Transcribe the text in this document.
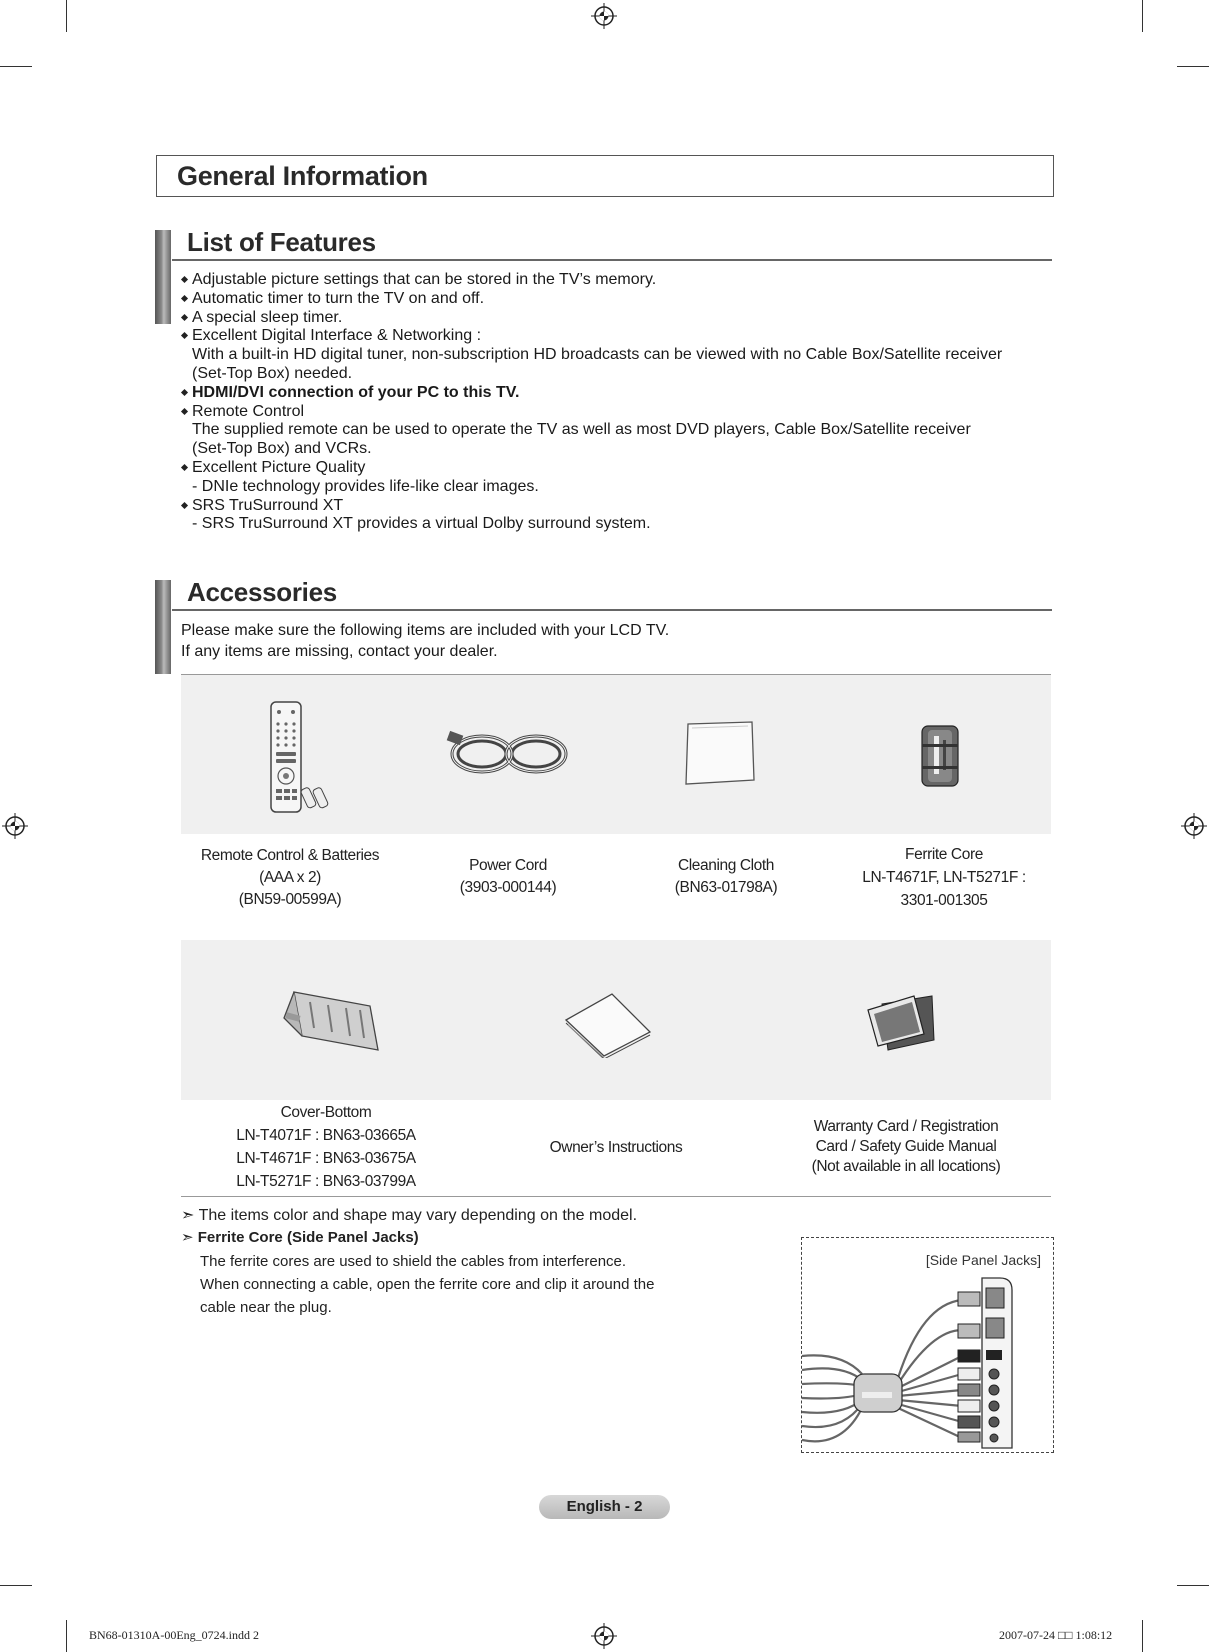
General Information
List of Features
Adjustable picture settings that can be stored in the TV’s memory.
Automatic timer to turn the TV on and off.
A special sleep timer.
Excellent Digital Interface & Networking :
With a built-in HD digital tuner, non-subscription HD broadcasts can be viewed with no Cable Box/Satellite receiver
(Set-Top Box) needed.
HDMI/DVI connection of your PC to this TV.
Remote Control
The supplied remote can be used to operate the TV as well as most DVD players, Cable Box/Satellite receiver
(Set-Top Box) and VCRs.
Excellent Picture Quality
- DNIe technology provides life-like clear images.
SRS TruSurround XT
- SRS TruSurround XT provides a virtual Dolby surround system.
Accessories
Please make sure the following items are included with your LCD TV.
If any items are missing, contact your dealer.
Remote Control & Batteries
(AAA x 2)
(BN59-00599A)
Power Cord
(3903-000144)
Cleaning Cloth
(BN63-01798A)
Ferrite Core
LN-T4671F, LN-T5271F :
3301-001305
Cover-Bottom
LN-T4071F : BN63-03665A
LN-T4671F : BN63-03675A
LN-T5271F : BN63-03799A
Owner’s Instructions
Warranty Card / Registration
Card / Safety Guide Manual
(Not available in all locations)
➣ The items color and shape may vary depending on the model.
➣ Ferrite Core (Side Panel Jacks)
The ferrite cores are used to shield the cables from interference.
When connecting a cable, open the ferrite core and clip it around the
cable near the plug.
[Side Panel Jacks]
English - 2
BN68-01310A-00Eng_0724.indd 2	2007-07-24 □□ 1:08:12
